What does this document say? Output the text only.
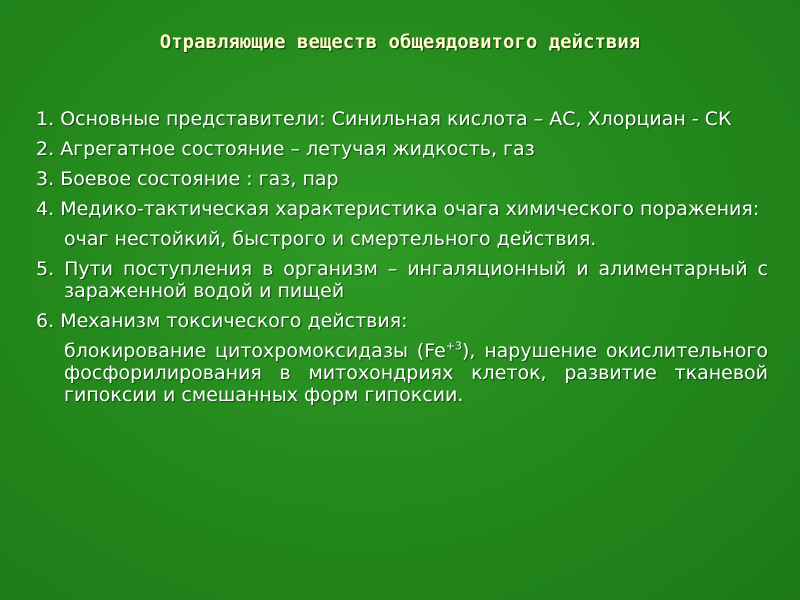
Отравляющие веществ общеядовитого действия

1. Основные представители: Синильная кислота – АС, Хлорциан - СК

2. Агрегатное состояние – летучая жидкость, газ

3. Боевое состояние : газ, пар

4. Медико-тактическая характеристика очага химического поражения:

очаг нестойкий, быстрого и смертельного действия.

5. Пути поступления в организм – ингаляционный и алиментарный с зараженной водой и пищей

6. Механизм токсического действия:

блокирование цитохромоксидазы $(Fe^{+3})$, нарушение окислительного фосфорилирования в митохондриях клеток, развитие тканевой гипоксии и смешанных форм гипоксии.
